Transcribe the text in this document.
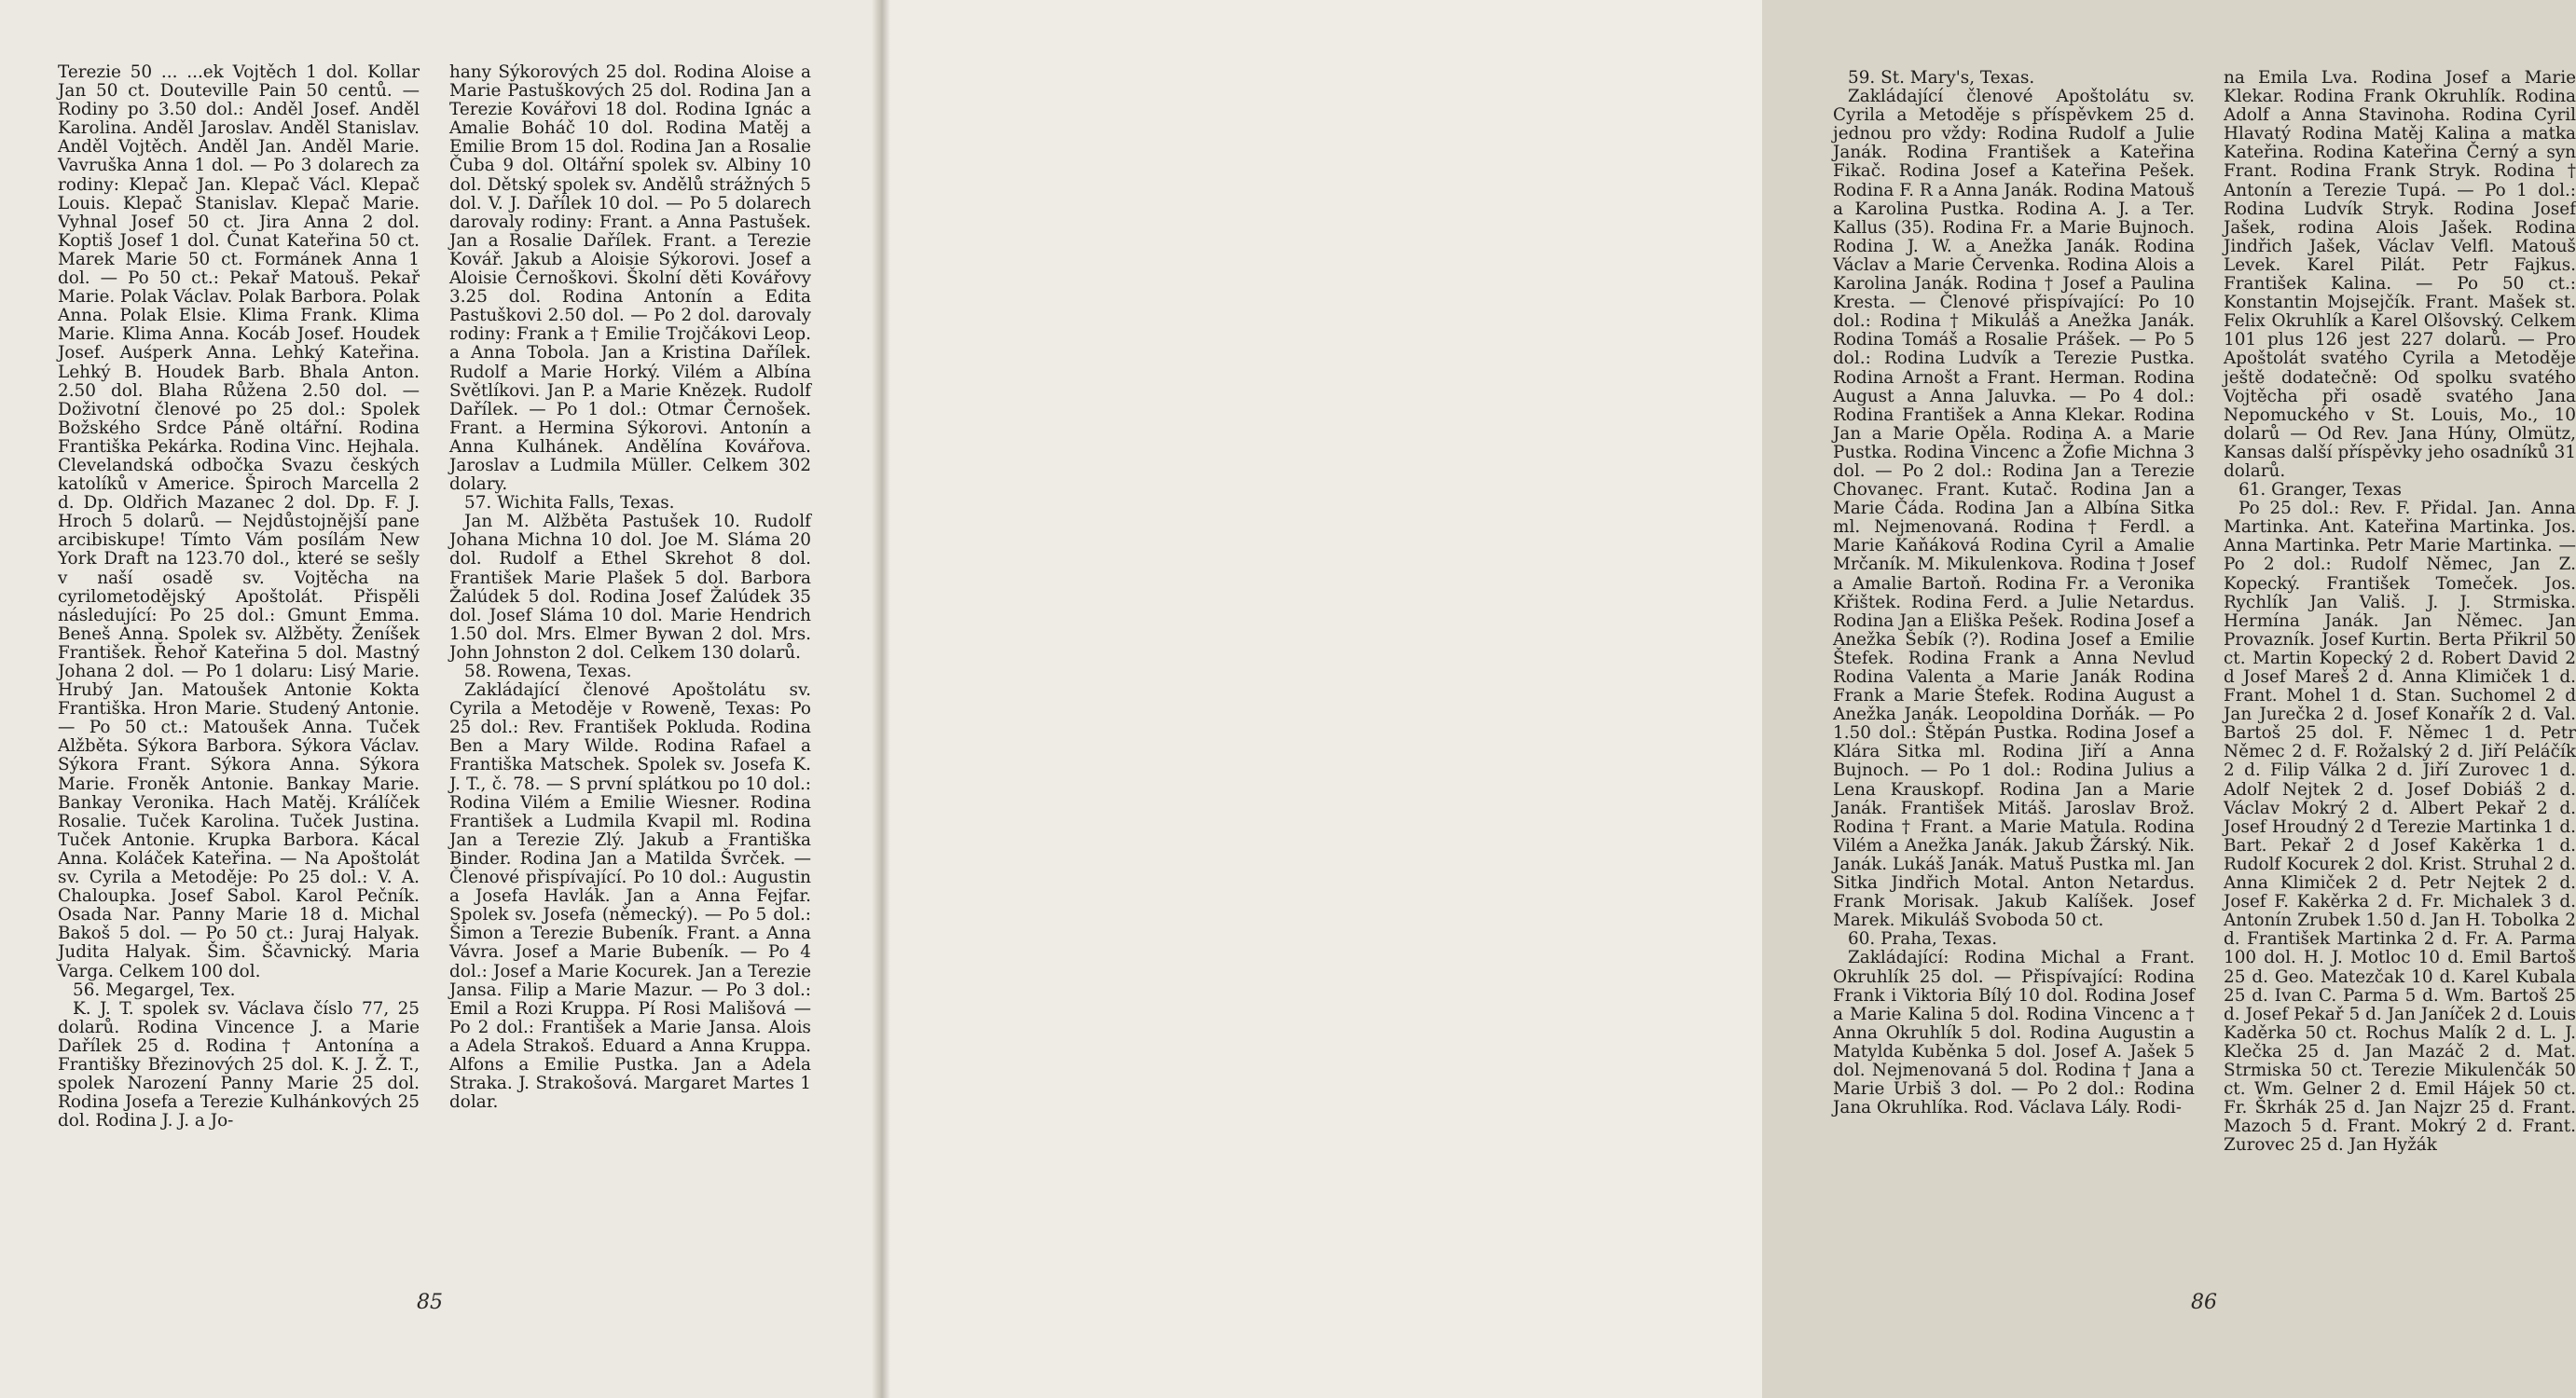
Terezie 50 ... ...ek Vojtěch 1 dol. Kollar Jan 50 ct. Douteville Pain 50 centů. — Rodiny po 3.50 dol.: Anděl Josef. Anděl Karolina. Anděl Jaroslav. Anděl Stanislav. Anděl Vojtěch. Anděl Jan. Anděl Marie. Vavruška Anna 1 dol. — Po 3 dolarech za rodiny: Klepač Jan. Klepač Václ. Klepač Louis. Klepač Stanislav. Klepač Marie. Vyhnal Josef 50 ct. Jira Anna 2 dol. Koptiš Josef 1 dol. Čunat Kateřina 50 ct. Marek Marie 50 ct. Formánek Anna 1 dol. — Po 50 ct.: Pekař Matouš. Pekař Marie. Polak Václav. Polak Barbora. Polak Anna. Polak Elsie. Klima Frank. Klima Marie. Klima Anna. Kocáb Josef. Houdek Josef. Auśperk Anna. Lehký Kateřina. Lehký B. Houdek Barb. Bhala Anton. 2.50 dol. Blaha Růžena 2.50 dol. — Doživotní členové po 25 dol.: Spolek Božského Srdce Páně oltářní. Rodina Františka Pekárka. Rodina Vinc. Hejhala. Clevelandská odbočka Svazu českých katolíků v Americe. Špiroch Marcella 2 d. Dp. Oldřich Mazanec 2 dol. Dp. F. J. Hroch 5 dolarů. — Nejdůstojnější pane arcibiskupe! Tímto Vám posílám New York Draft na 123.70 dol., které se sešly v naší osadě sv. Vojtěcha na cyrilometodějský Apoštolát. Přispěli následující: Po 25 dol.: Gmunt Emma. Beneš Anna. Spolek sv. Alžběty. Ženíšek František. Řehoř Kateřina 5 dol. Mastný Johana 2 dol. — Po 1 dolaru: Lisý Marie. Hrubý Jan. Matoušek Antonie Kokta Františka. Hron Marie. Studený Antonie. — Po 50 ct.: Matoušek Anna. Tuček Alžběta. Sýkora Barbora. Sýkora Václav. Sýkora Frant. Sýkora Anna. Sýkora Marie. Froněk Antonie. Bankay Marie. Bankay Veronika. Hach Matěj. Králíček Rosalie. Tuček Karolina. Tuček Justina. Tuček Antonie. Krupka Barbora. Kácal Anna. Koláček Kateřina. — Na Apoštolát sv. Cyrila a Metoděje: Po 25 dol.: V. A. Chaloupka. Josef Sabol. Karol Pečník. Osada Nar. Panny Marie 18 d. Michal Bakoš 5 dol. — Po 50 ct.: Juraj Halyak. Judita Halyak. Šim. Ščavnický. Maria Varga. Celkem 100 dol.

56. Megargel, Tex.

K. J. T. spolek sv. Václava číslo 77, 25 dolarů. Rodina Vincence J. a Marie Dařílek 25 d. Rodina † Antonína a Františky Březinových 25 dol. K. J. Ž. T., spolek Narození Panny Marie 25 dol. Rodina Josefa a Terezie Kulhánkových 25 dol. Rodina J. J. a Jo-

hany Sýkorových 25 dol. Rodina Aloise a Marie Pastuškových 25 dol. Rodina Jan a Terezie Kovářovi 18 dol. Rodina Ignác a Amalie Boháč 10 dol. Rodina Matěj a Emilie Brom 15 dol. Rodina Jan a Rosalie Čuba 9 dol. Oltářní spolek sv. Albiny 10 dol. Dětský spolek sv. Andělů strážných 5 dol. V. J. Dařílek 10 dol. — Po 5 dolarech darovaly rodiny: Frant. a Anna Pastušek. Jan a Rosalie Dařílek. Frant. a Terezie Kovář. Jakub a Aloisie Sýkorovi. Josef a Aloisie Černoškovi. Školní děti Kovářovy 3.25 dol. Rodina Antonín a Edita Pastuškovi 2.50 dol. — Po 2 dol. darovaly rodiny: Frank a † Emilie Trojčákovi Leop. a Anna Tobola. Jan a Kristina Dařílek. Rudolf a Marie Horký. Vilém a Albína Světlíkovi. Jan P. a Marie Knězek. Rudolf Dařílek. — Po 1 dol.: Otmar Černošek. Frant. a Hermina Sýkorovi. Antonín a Anna Kulhánek. Andělína Kovářova. Jaroslav a Ludmila Müller. Celkem 302 dolary.

57. Wichita Falls, Texas.

Jan M. Alžběta Pastušek 10. Rudolf Johana Michna 10 dol. Joe M. Sláma 20 dol. Rudolf a Ethel Skrehot 8 dol. František Marie Plašek 5 dol. Barbora Žalúdek 5 dol. Rodina Josef Žalúdek 35 dol. Josef Sláma 10 dol. Marie Hendrich 1.50 dol. Mrs. Elmer Bywan 2 dol. Mrs. John Johnston 2 dol. Celkem 130 dolarů.

58. Rowena, Texas.

Zakládající členové Apoštolátu sv. Cyrila a Metoděje v Roweně, Texas: Po 25 dol.: Rev. František Pokluda. Rodina Ben a Mary Wilde. Rodina Rafael a Františka Matschek. Spolek sv. Josefa K. J. T., č. 78. — S první splátkou po 10 dol.: Rodina Vilém a Emilie Wiesner. Rodina František a Ludmila Kvapil ml. Rodina Jan a Terezie Zlý. Jakub a Františka Binder. Rodina Jan a Matilda Švrček. — Členové přispívající. Po 10 dol.: Augustin a Josefa Havlák. Jan a Anna Fejfar. Spolek sv. Josefa (německý). — Po 5 dol.: Šimon a Terezie Bubeník. Frant. a Anna Vávra. Josef a Marie Bubeník. — Po 4 dol.: Josef a Marie Kocurek. Jan a Terezie Jansa. Filip a Marie Mazur. — Po 3 dol.: Emil a Rozi Kruppa. Pí Rosi Mališová — Po 2 dol.: František a Marie Jansa. Alois a Adela Strakoš. Eduard a Anna Kruppa. Alfons a Emilie Pustka. Jan a Adela Straka. J. Strakošová. Margaret Martes 1 dolar.

85

59. St. Mary's, Texas.

Zakládající členové Apoštolátu sv. Cyrila a Metoděje s příspěvkem 25 d. jednou pro vždy: Rodina Rudolf a Julie Janák. Rodina František a Kateřina Fikač. Rodina Josef a Kateřina Pešek. Rodina F. R a Anna Janák. Rodina Matouš a Karolina Pustka. Rodina A. J. a Ter. Kallus (35). Rodina Fr. a Marie Bujnoch. Rodina J. W. a Anežka Janák. Rodina Václav a Marie Červenka. Rodina Alois a Karolina Janák. Rodina † Josef a Paulina Kresta. — Členové přispívající: Po 10 dol.: Rodina † Mikuláš a Anežka Janák. Rodina Tomáš a Rosalie Prášek. — Po 5 dol.: Rodina Ludvík a Terezie Pustka. Rodina Arnošt a Frant. Herman. Rodina August a Anna Jaluvka. — Po 4 dol.: Rodina František a Anna Klekar. Rodina Jan a Marie Opěla. Rodina A. a Marie Pustka. Rodina Vincenc a Žofie Michna 3 dol. — Po 2 dol.: Rodina Jan a Terezie Chovanec. Frant. Kutač. Rodina Jan a Marie Čáda. Rodina Jan a Albína Sitka ml. Nejmenovaná. Rodina † Ferdl. a Marie Kaňáková Rodina Cyril a Amalie Mrčaník. M. Mikulenkova. Rodina † Josef a Amalie Bartoň. Rodina Fr. a Veronika Křištek. Rodina Ferd. a Julie Netardus. Rodina Jan a Eliška Pešek. Rodina Josef a Anežka Šebík (?). Rodina Josef a Emilie Štefek. Rodina Frank a Anna Nevlud Rodina Valenta a Marie Janák Rodina Frank a Marie Štefek. Rodina August a Anežka Janák. Leopoldina Dorňák. — Po 1.50 dol.: Štěpán Pustka. Rodina Josef a Klára Sitka ml. Rodina Jiří a Anna Bujnoch. — Po 1 dol.: Rodina Julius a Lena Krauskopf. Rodina Jan a Marie Janák. František Mitáš. Jaroslav Brož. Rodina † Frant. a Marie Matula. Rodina Vilém a Anežka Janák. Jakub Žárský. Nik. Janák. Lukáš Janák. Matuš Pustka ml. Jan Sitka Jindřich Motal. Anton Netardus. Frank Morisak. Jakub Kalíšek. Josef Marek. Mikuláš Svoboda 50 ct.

60. Praha, Texas.

Zakládající: Rodina Michal a Frant. Okruhlík 25 dol. — Přispívající: Rodina Frank i Viktoria Bílý 10 dol. Rodina Josef a Marie Kalina 5 dol. Rodina Vincenc a † Anna Okruhlík 5 dol. Rodina Augustin a Matylda Kuběnka 5 dol. Josef A. Jašek 5 dol. Nejmenovaná 5 dol. Rodina † Jana a Marie Urbiš 3 dol. — Po 2 dol.: Rodina Jana Okruhlíka. Rod. Václava Lály. Rodi-

na Emila Lva. Rodina Josef a Marie Klekar. Rodina Frank Okruhlík. Rodina Adolf a Anna Stavinoha. Rodina Cyril Hlavatý Rodina Matěj Kalina a matka Kateřina. Rodina Kateřina Černý a syn Frant. Rodina Frank Stryk. Rodina † Antonín a Terezie Tupá. — Po 1 dol.: Rodina Ludvík Stryk. Rodina Josef Jašek, rodina Alois Jašek. Rodina Jindřich Jašek, Václav Velfl. Matouš Levek. Karel Pilát. Petr Fajkus. František Kalina. — Po 50 ct.: Konstantin Mojsejčík. Frant. Mašek st. Felix Okruhlík a Karel Olšovský. Celkem 101 plus 126 jest 227 dolarů. — Pro Apoštolát svatého Cyrila a Metoděje ještě dodatečně: Od spolku svatého Vojtěcha při osadě svatého Jana Nepomuckého v St. Louis, Mo., 10 dolarů — Od Rev. Jana Húny, Olmütz, Kansas další příspěvky jeho osadníků 31 dolarů.

61. Granger, Texas

Po 25 dol.: Rev. F. Přidal. Jan. Anna Martinka. Ant. Kateřina Martinka. Jos. Anna Martinka. Petr Marie Martinka. — Po 2 dol.: Rudolf Němec, Jan Z. Kopecký. František Tomeček. Jos. Rychlík Jan Vališ. J. J. Strmiska. Hermína Janák. Jan Němec. Jan Provazník. Josef Kurtin. Berta Přikril 50 ct. Martin Kopecký 2 d. Robert David 2 d Josef Mareš 2 d. Anna Klimiček 1 d. Frant. Mohel 1 d. Stan. Suchomel 2 d Jan Jurečka 2 d. Josef Konařík 2 d. Val. Bartoš 25 dol. F. Němec 1 d. Petr Němec 2 d. F. Rožalský 2 d. Jiří Peláčík 2 d. Filip Válka 2 d. Jiří Zurovec 1 d. Adolf Nejtek 2 d. Josef Dobiáš 2 d. Václav Mokrý 2 d. Albert Pekař 2 d. Josef Hroudný 2 d Terezie Martinka 1 d. Bart. Pekař 2 d Josef Kakěrka 1 d. Rudolf Kocurek 2 dol. Krist. Struhal 2 d. Anna Klimiček 2 d. Petr Nejtek 2 d. Josef F. Kakěrka 2 d. Fr. Michalek 3 d. Antonín Zrubek 1.50 d. Jan H. Tobolka 2 d. František Martinka 2 d. Fr. A. Parma 100 dol. H. J. Motloc 10 d. Emil Bartoš 25 d. Geo. Matezčak 10 d. Karel Kubala 25 d. Ivan C. Parma 5 d. Wm. Bartoš 25 d. Josef Pekař 5 d. Jan Janíček 2 d. Louis Kaděrka 50 ct. Rochus Malík 2 d. L. J. Klečka 25 d. Jan Mazáč 2 d. Mat. Strmiska 50 ct. Terezie Mikulenčák 50 ct. Wm. Gelner 2 d. Emil Hájek 50 ct. Fr. Škrhák 25 d. Jan Najzr 25 d. Frant. Mazoch 5 d. Frant. Mokrý 2 d. Frant. Zurovec 25 d. Jan Hyžák

86
